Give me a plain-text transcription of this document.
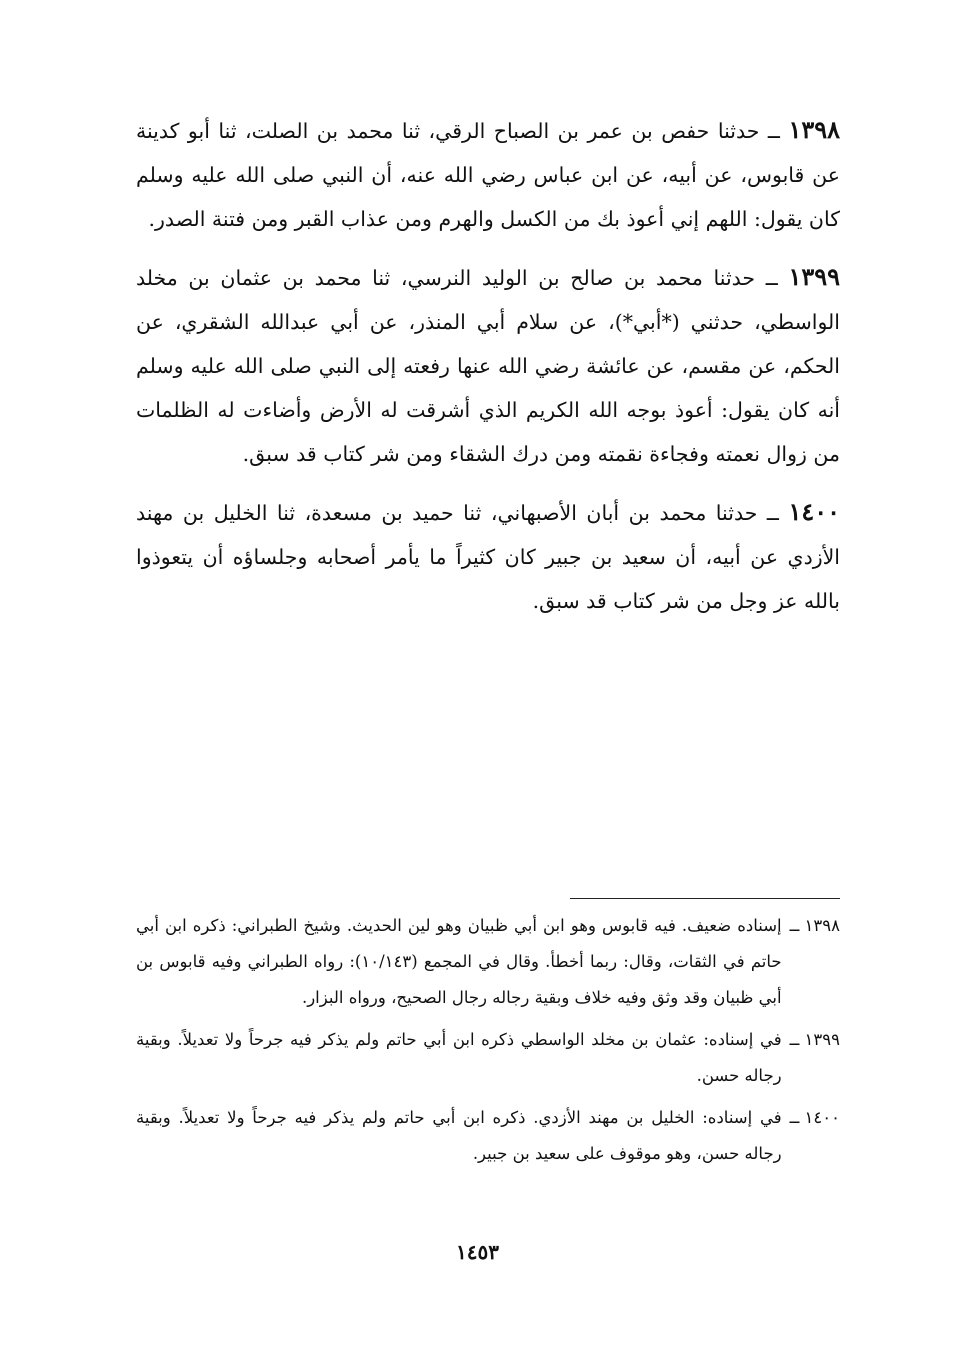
١٣٩٨ ــ حدثنا حفص بن عمر بن الصباح الرقي، ثنا محمد بن الصلت، ثنا أبو كدينة عن قابوس، عن أبيه، عن ابن عباس رضي الله عنه، أن النبي صلى الله عليه وسلم كان يقول: اللهم إني أعوذ بك من الكسل والهرم ومن عذاب القبر ومن فتنة الصدر.

١٣٩٩ ــ حدثنا محمد بن صالح بن الوليد النرسي، ثنا محمد بن عثمان بن مخلد الواسطي، حدثني (*أبي*)، عن سلام أبي المنذر، عن أبي عبدالله الشقري، عن الحكم، عن مقسم، عن عائشة رضي الله عنها رفعته إلى النبي صلى الله عليه وسلم أنه كان يقول: أعوذ بوجه الله الكريم الذي أشرقت له الأرض وأضاءت له الظلمات من زوال نعمته وفجاءة نقمته ومن درك الشقاء ومن شر كتاب قد سبق.

١٤٠٠ ــ حدثنا محمد بن أبان الأصبهاني، ثنا حميد بن مسعدة، ثنا الخليل بن مهند الأزدي عن أبيه، أن سعيد بن جبير كان كثيراً ما يأمر أصحابه وجلساؤه أن يتعوذوا بالله عز وجل من شر كتاب قد سبق.

١٣٩٨ ــ
إسناده ضعيف. فيه قابوس وهو ابن أبي ظبيان وهو لين الحديث. وشيخ الطبراني: ذكره ابن أبي حاتم في الثقات، وقال: ربما أخطأ. وقال في المجمع (١٠/١٤٣): رواه الطبراني وفيه قابوس بن أبي ظبيان وقد وثق وفيه خلاف وبقية رجاله رجال الصحيح، ورواه البزار.
١٣٩٩ ــ
في إسناده: عثمان بن مخلد الواسطي ذكره ابن أبي حاتم ولم يذكر فيه جرحاً ولا تعديلاً. وبقية رجاله حسن.
١٤٠٠ ــ
في إسناده: الخليل بن مهند الأزدي. ذكره ابن أبي حاتم ولم يذكر فيه جرحاً ولا تعديلاً. وبقية رجاله حسن، وهو موقوف على سعيد بن جبير.
١٤٥٣
